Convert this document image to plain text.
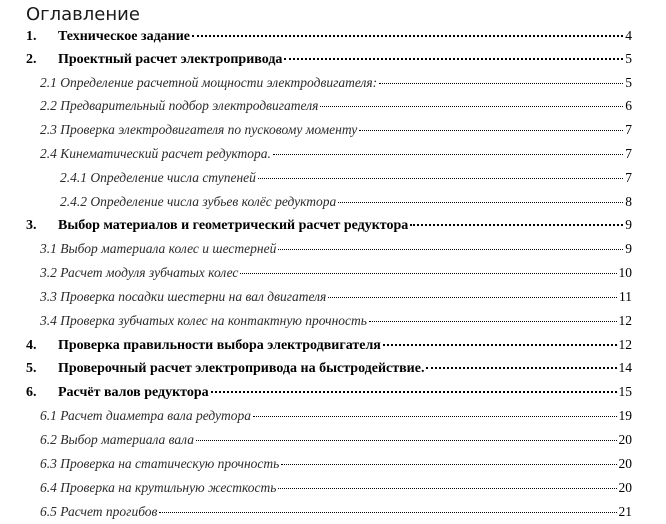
Оглавление
1.	Техническое задание	4
2.	Проектный расчет электропривода	5
2.1 Определение расчетной мощности электродвигателя:	5
2.2 Предварительный подбор электродвигателя	6
2.3 Проверка электродвигателя по пусковому моменту	7
2.4 Кинематический расчет редуктора.	7
2.4.1 Определение числа ступеней	7
2.4.2 Определение числа зубьев колёс редуктора	8
3.	Выбор материалов и геометрический расчет редуктора	9
3.1 Выбор материала колес и шестерней	9
3.2 Расчет модуля зубчатых колес	10
3.3 Проверка посадки шестерни на вал двигателя	11
3.4 Проверка зубчатых колес на контактную прочность	12
4.	Проверка правильности выбора электродвигателя	12
5.	Проверочный расчет электропривода на быстродействие.	14
6.	Расчёт валов редуктора	15
6.1 Расчет диаметра вала редутора	19
6.2 Выбор материала вала	20
6.3 Проверка на статическую прочность	20
6.4 Проверка на крутильную жесткость	20
6.5 Расчет прогибов	21
